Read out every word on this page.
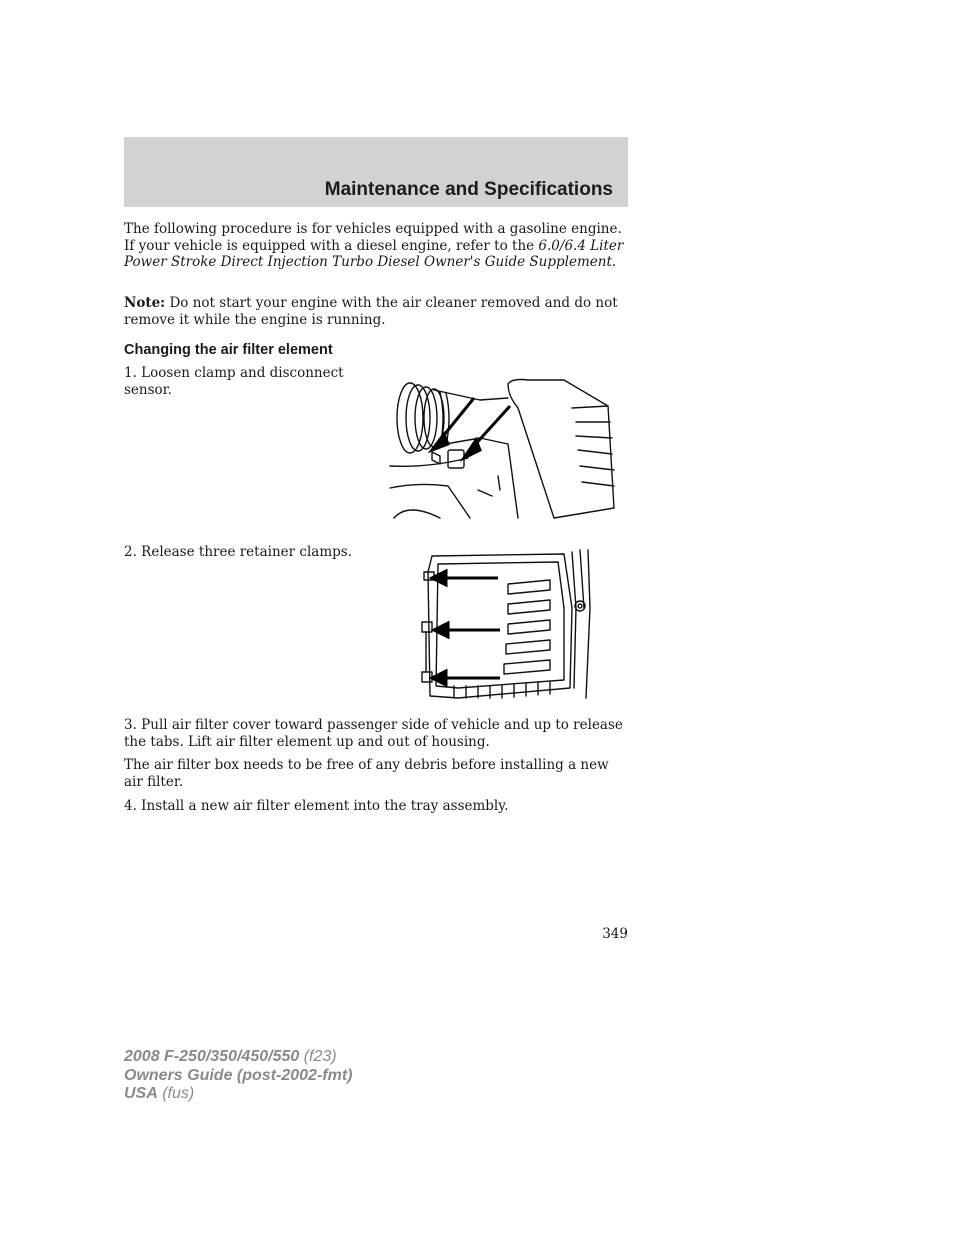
Maintenance and Specifications
The following procedure is for vehicles equipped with a gasoline engine. If your vehicle is equipped with a diesel engine, refer to the 6.0/6.4 Liter Power Stroke Direct Injection Turbo Diesel Owner's Guide Supplement.
Note: Do not start your engine with the air cleaner removed and do not remove it while the engine is running.
Changing the air filter element
1. Loosen clamp and disconnect sensor.
2. Release three retainer clamps.
3. Pull air filter cover toward passenger side of vehicle and up to release the tabs. Lift air filter element up and out of housing.
The air filter box needs to be free of any debris before installing a new air filter.
4. Install a new air filter element into the tray assembly.
349
2008 F-250/350/450/550 (f23)
Owners Guide (post-2002-fmt)
USA (fus)
